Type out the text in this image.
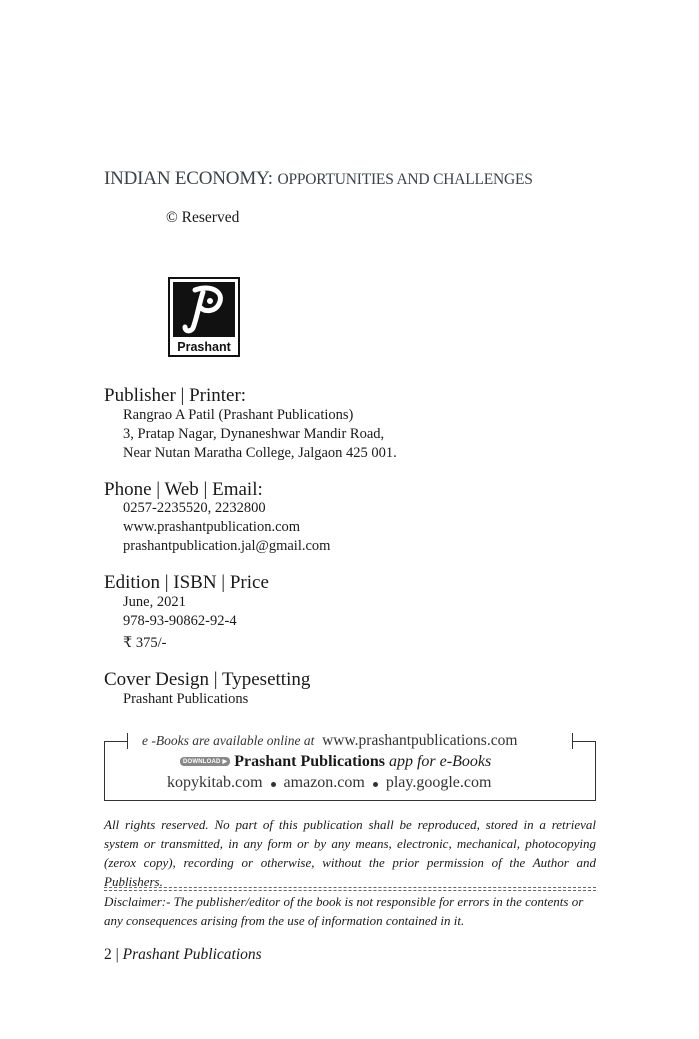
INDIAN ECONOMY: OPPORTUNITIES AND CHALLENGES
© Reserved
Prashant
Publisher | Printer:
Rangrao A Patil (Prashant Publications)
3, Pratap Nagar, Dynaneshwar Mandir Road,
Near Nutan Maratha College, Jalgaon 425 001.
Phone | Web | Email:
0257-2235520, 2232800
www.prashantpublication.com
prashantpublication.jal@gmail.com
Edition | ISBN | Price
June, 2021
978-93-90862-92-4
₹ 375/-
Cover Design | Typesetting
Prashant Publications
e -Books are available online at www.prashantpublications.com
DOWNLOAD ▶ Prashant Publications app for e-Books
kopykitab.com amazon.com play.google.com
All rights reserved. No part of this publication shall be reproduced, stored in a retrieval system or transmitted, in any form or by any means, electronic, mechanical, photocopying (zerox copy), recording or otherwise, without the prior permission of the Author and Publishers.
Disclaimer:- The publisher/editor of the book is not responsible for errors in the contents or any consequences arising from the use of information contained in it.
2 | Prashant Publications
